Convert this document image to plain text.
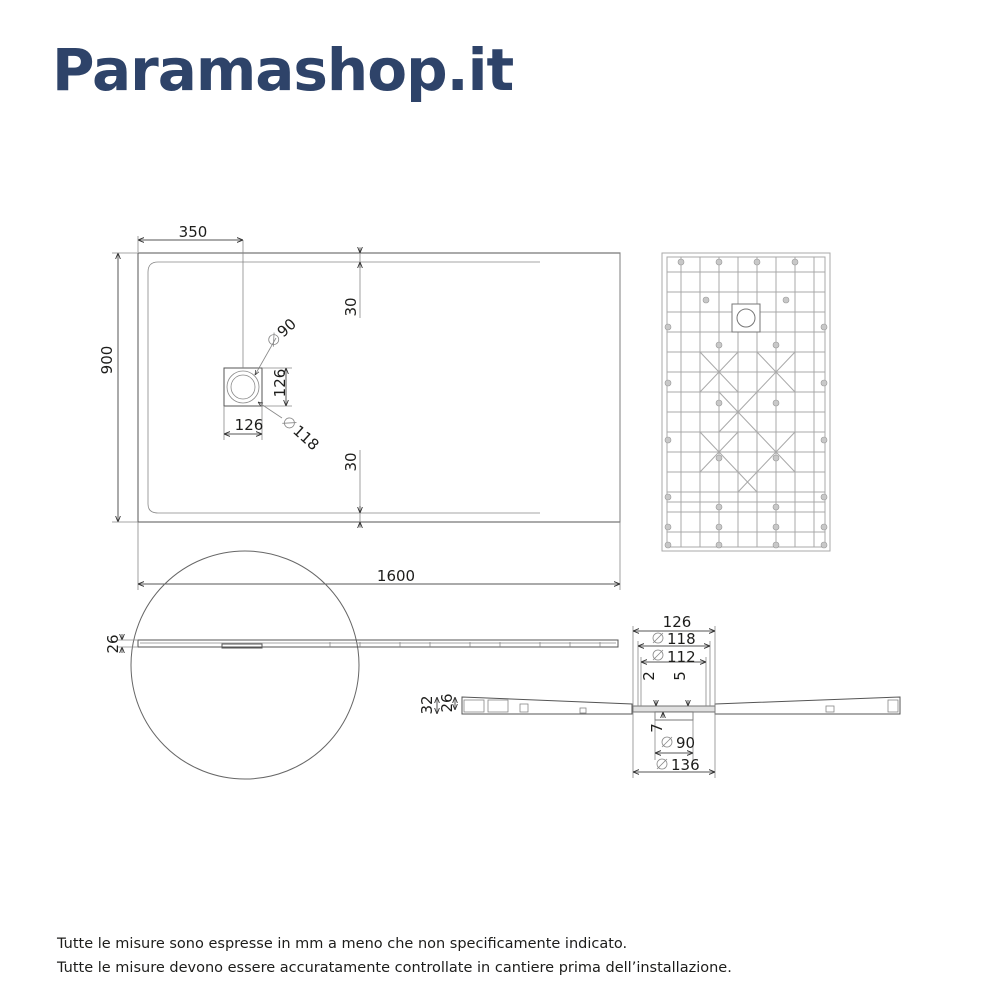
Paramashop.it
350
900
30
30
126
126
1600
90
118
26
126
118
112
2 5
32 26
7
90
136
Tutte le misure sono espresse in mm a meno che non specificamente indicato.
Tutte le misure devono essere accuratamente controllate in cantiere prima dell’installazione.
